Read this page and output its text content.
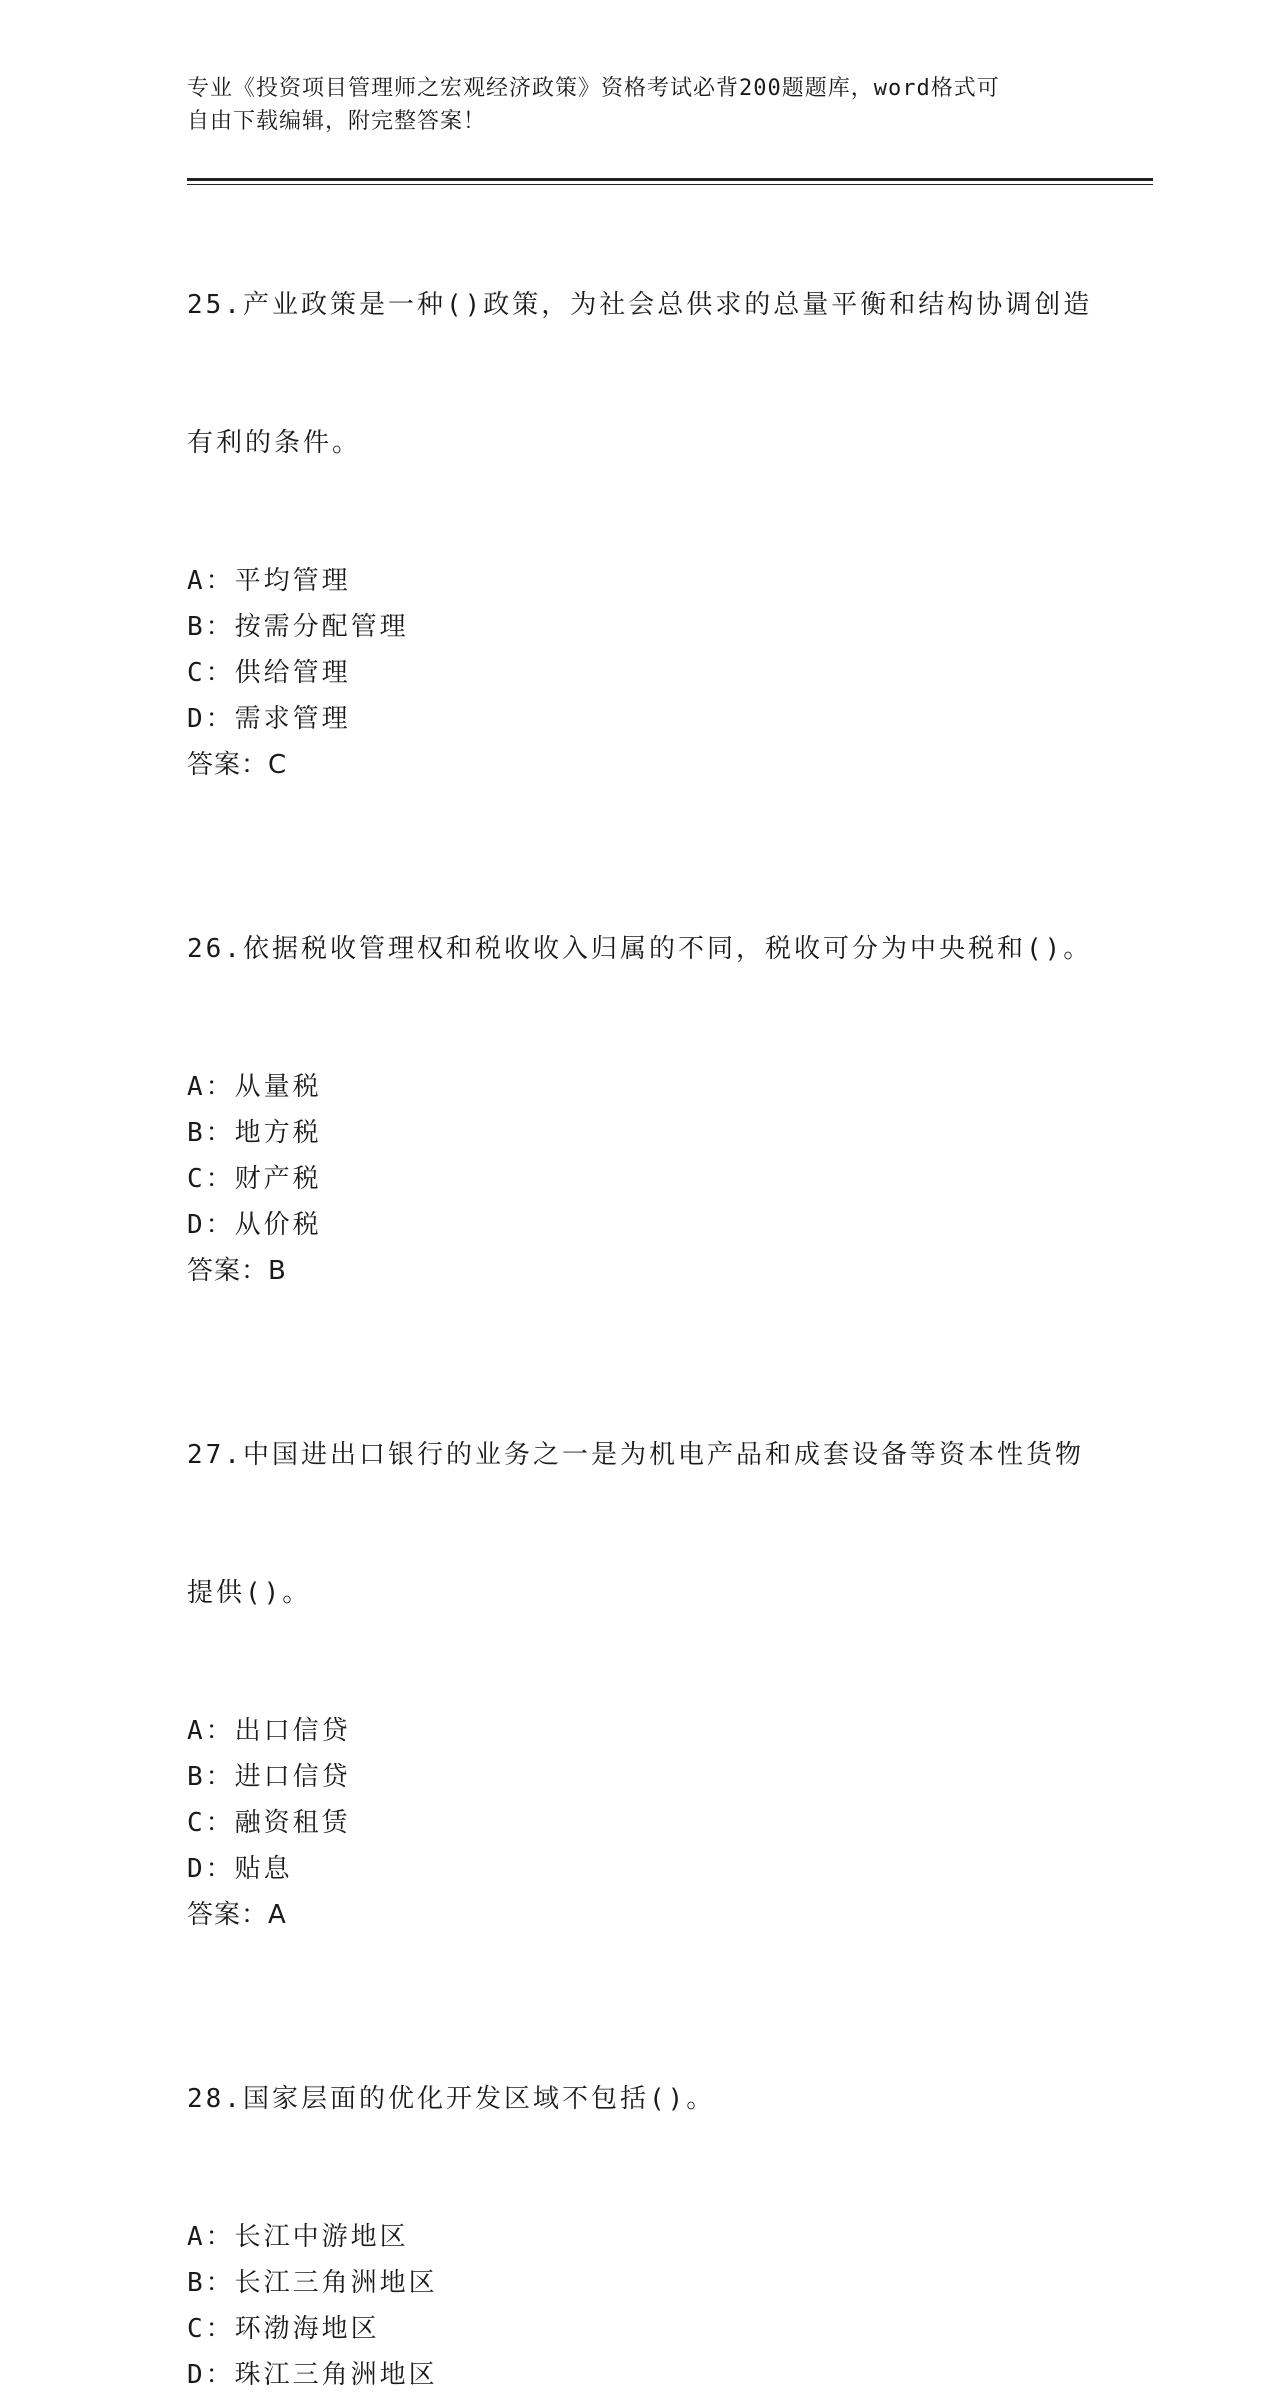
专业《投资项目管理师之宏观经济政策》资格考试必背200题题库，word格式可
自由下载编辑，附完整答案！

25.产业政策是一种()政策，为社会总供求的总量平衡和结构协调创造

有利的条件。

A：平均管理
B：按需分配管理
C：供给管理
D：需求管理
答案：C

26.依据税收管理权和税收收入归属的不同，税收可分为中央税和()。

A：从量税
B：地方税
C：财产税
D：从价税
答案：B

27.中国进出口银行的业务之一是为机电产品和成套设备等资本性货物

提供()。

A：出口信贷
B：进口信贷
C：融资租赁
D：贴息
答案：A

28.国家层面的优化开发区域不包括()。

A：长江中游地区
B：长江三角洲地区
C：环渤海地区
D：珠江三角洲地区
